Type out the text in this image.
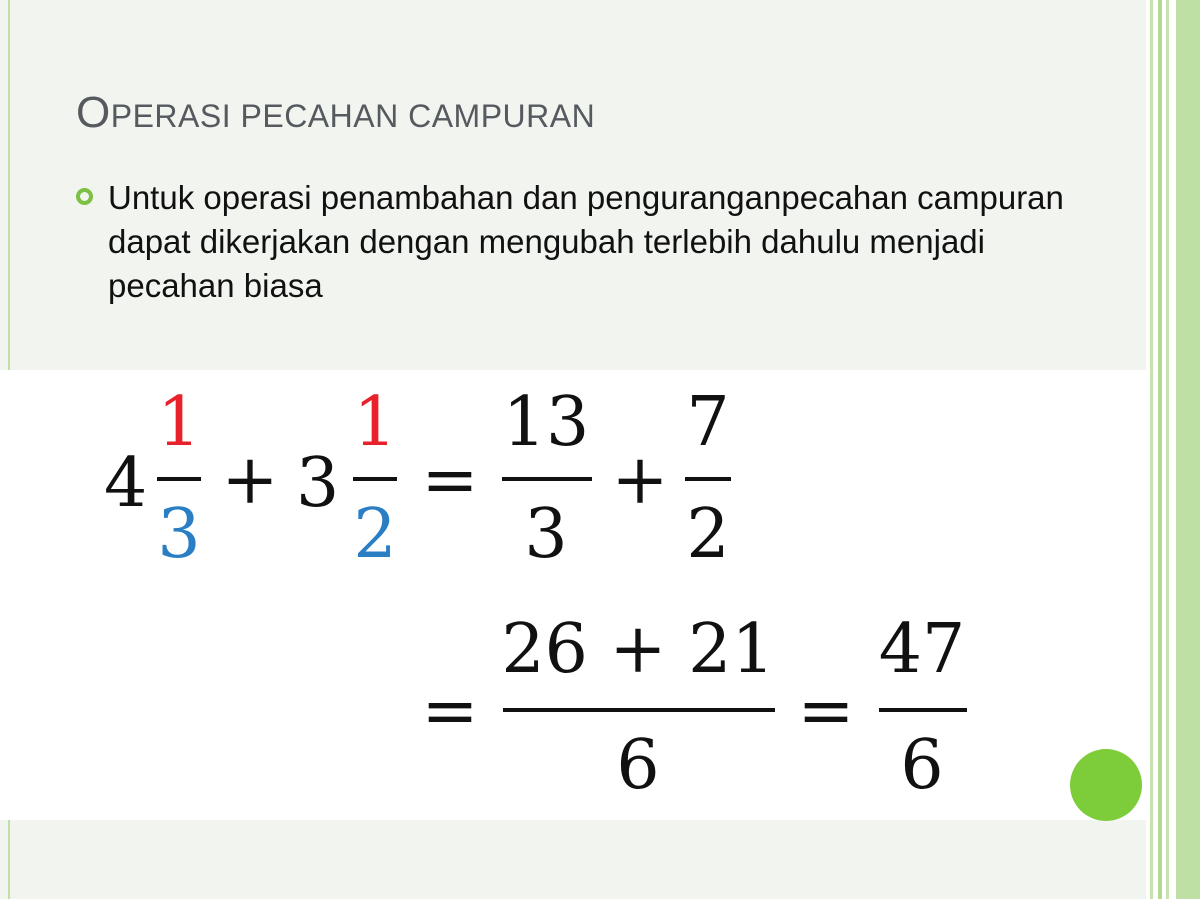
OPERASI PECAHAN CAMPURAN

Untuk operasi penambahan dan penguranganpecahan campuran dapat dikerjakan dengan mengubah terlebih dahulu menjadi pecahan biasa

4
1
3
+ 3
1
2
=
13
3
+
7
2
=
26 + 21
6
=
47
6
